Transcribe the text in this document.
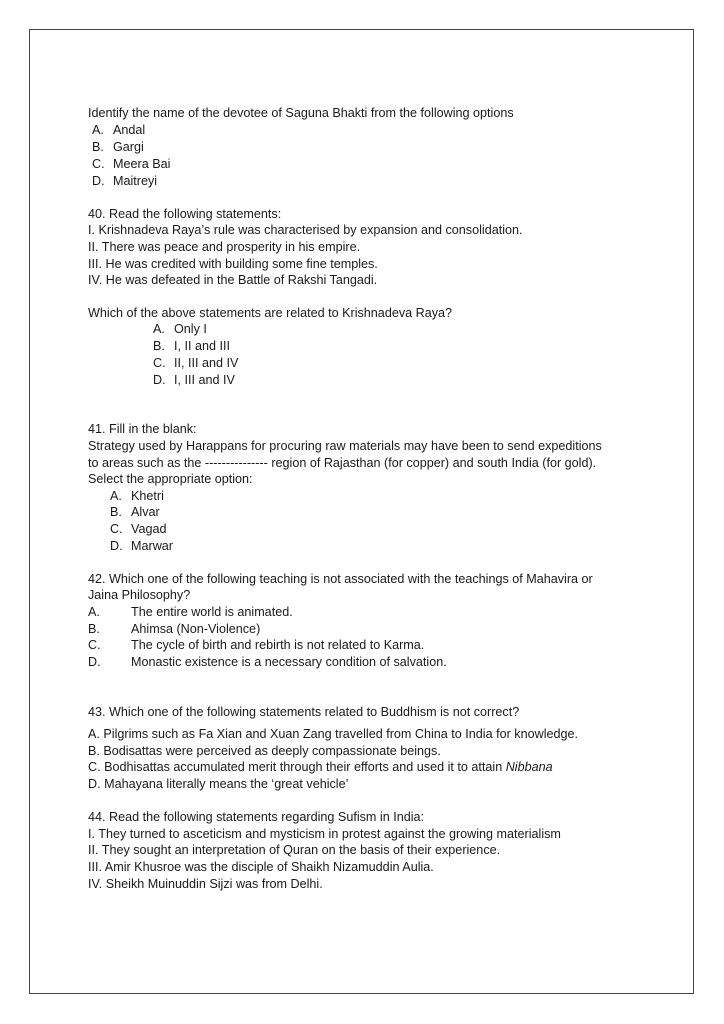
Identify the name of the devotee of Saguna Bhakti from the following options
A. Andal
B. Gargi
C. Meera Bai
D. Maitreyi
40. Read the following statements:
I. Krishnadeva Raya’s rule was characterised by expansion and consolidation.
II. There was peace and prosperity in his empire.
III. He was credited with building some fine temples.
IV. He was defeated in the Battle of Rakshi Tangadi.
Which of the above statements are related to Krishnadeva Raya?
A. Only I
B. I, II and III
C. II, III and IV
D. I, III and IV
41. Fill in the blank:
Strategy used by Harappans for procuring raw materials may have been to send expeditions
to areas such as the --------------- region of Rajasthan (for copper) and south India (for gold).
Select the appropriate option:
A. Khetri
B. Alvar
C. Vagad
D. Marwar
42. Which one of the following teaching is not associated with the teachings of Mahavira or
Jaina Philosophy?
A. The entire world is animated.
B. Ahimsa (Non-Violence)
C. The cycle of birth and rebirth is not related to Karma.
D. Monastic existence is a necessary condition of salvation.
43. Which one of the following statements related to Buddhism is not correct?
A. Pilgrims such as Fa Xian and Xuan Zang travelled from China to India for knowledge.
B. Bodisattas were perceived as deeply compassionate beings.
C. Bodhisattas accumulated merit through their efforts and used it to attain Nibbana
D. Mahayana literally means the ‘great vehicle’
44. Read the following statements regarding Sufism in India:
I. They turned to asceticism and mysticism in protest against the growing materialism
II. They sought an interpretation of Quran on the basis of their experience.
III. Amir Khusroe was the disciple of Shaikh Nizamuddin Aulia.
IV. Sheikh Muinuddin Sijzi was from Delhi.
